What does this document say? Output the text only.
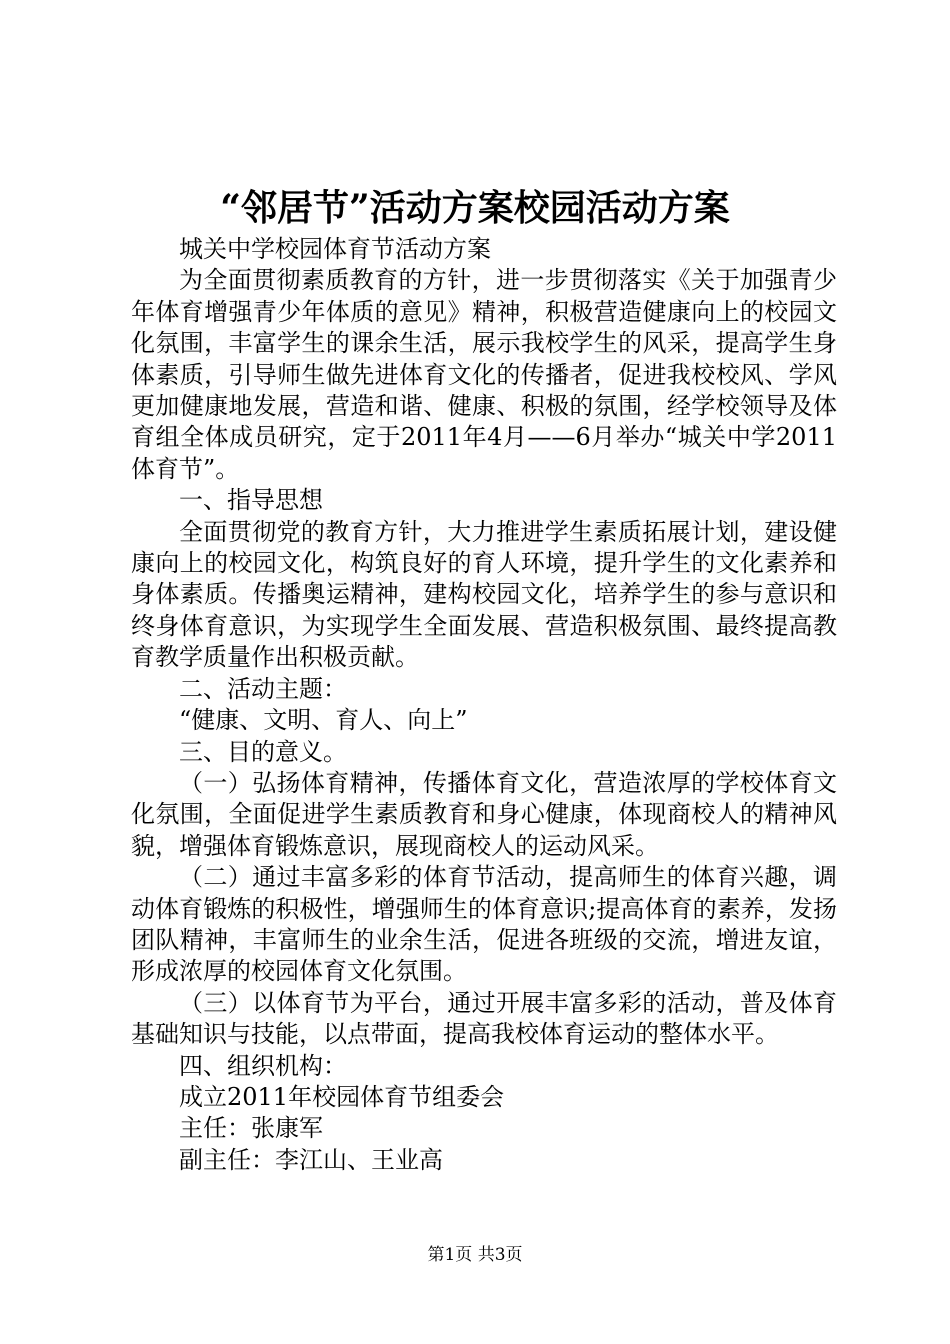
“邻居节”活动方案校园活动方案

城关中学校园体育节活动方案

为全面贯彻素质教育的方针，进一步贯彻落实《关于加强青少年体育增强青少年体质的意见》精神，积极营造健康向上的校园文化氛围，丰富学生的课余生活，展示我校学生的风采，提高学生身体素质，引导师生做先进体育文化的传播者，促进我校校风、学风更加健康地发展，营造和谐、健康、积极的氛围，经学校领导及体育组全体成员研究，定于2011年4月——6月举办“城关中学2011体育节”。

一、指导思想

全面贯彻党的教育方针，大力推进学生素质拓展计划，建设健康向上的校园文化，构筑良好的育人环境，提升学生的文化素养和身体素质。传播奥运精神，建构校园文化，培养学生的参与意识和终身体育意识，为实现学生全面发展、营造积极氛围、最终提高教育教学质量作出积极贡献。

二、活动主题：

“健康、文明、育人、向上”

三、目的意义。

（一）弘扬体育精神，传播体育文化，营造浓厚的学校体育文化氛围，全面促进学生素质教育和身心健康，体现商校人的精神风貌，增强体育锻炼意识，展现商校人的运动风采。

（二）通过丰富多彩的体育节活动，提高师生的体育兴趣，调动体育锻炼的积极性，增强师生的体育意识;提高体育的素养，发扬团队精神，丰富师生的业余生活，促进各班级的交流，增进友谊，形成浓厚的校园体育文化氛围。

（三）以体育节为平台，通过开展丰富多彩的活动，普及体育基础知识与技能，以点带面，提高我校体育运动的整体水平。

四、组织机构：

成立2011年校园体育节组委会

主任：张康军

副主任：李江山、王业高

第1页 共3页
